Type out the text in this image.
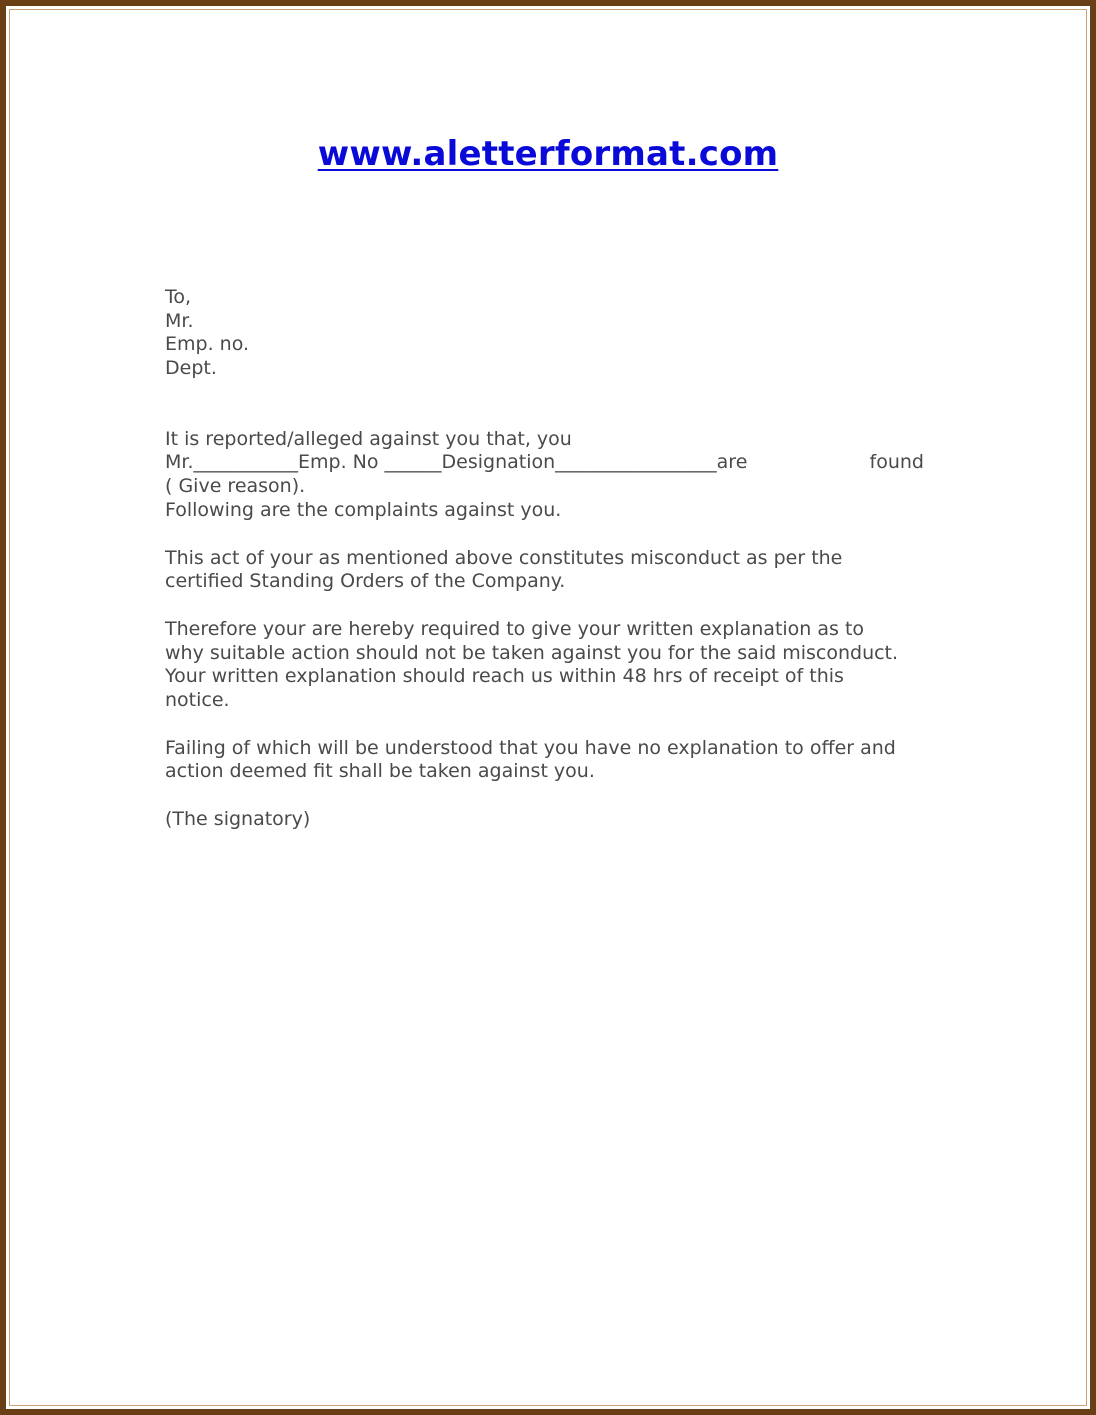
www.aletterformat.com
To,
Mr.
Emp. no.
Dept.
It is reported/alleged against you that, you
Mr.___________Emp. No ______Designation_________________are	found
( Give reason).
Following are the complaints against you.
This act of your as mentioned above constitutes misconduct as per the
certified Standing Orders of the Company.
Therefore your are hereby required to give your written explanation as to
why suitable action should not be taken against you for the said misconduct.
Your written explanation should reach us within 48 hrs of receipt of this
notice.
Failing of which will be understood that you have no explanation to offer and
action deemed fit shall be taken against you.
(The signatory)
